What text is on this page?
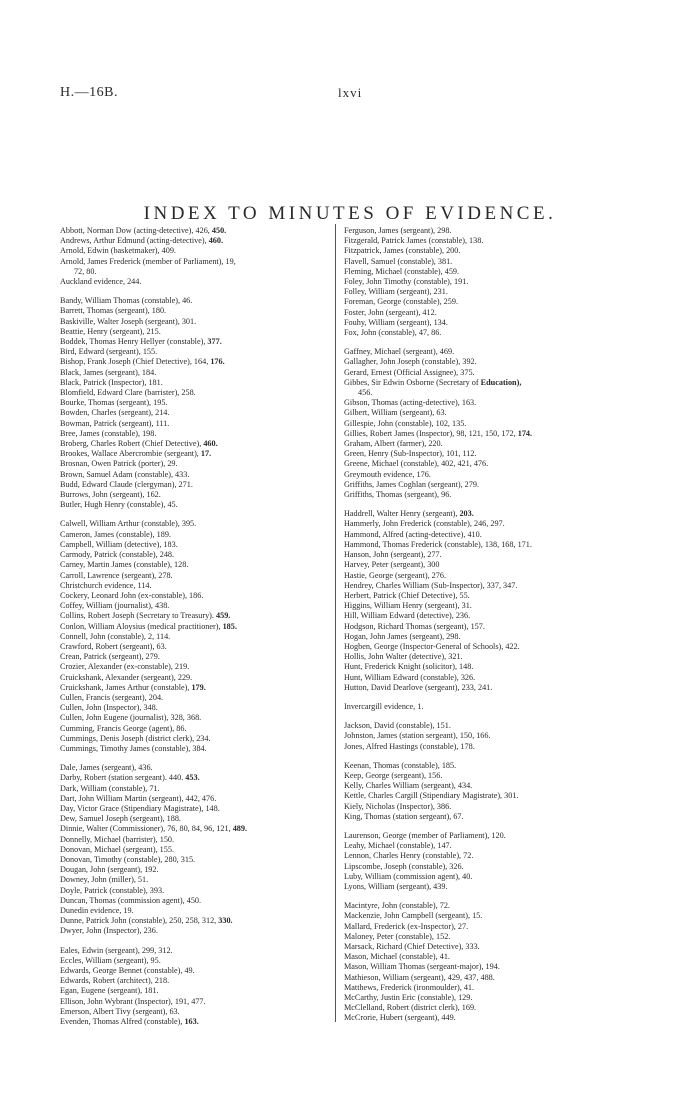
H.—16B.	lxvi
INDEX TO MINUTES OF EVIDENCE.
Abbott, Norman Dow (acting-detective), 426, 450.
Andrews, Arthur Edmund (acting-detective), 460.
Arnold, Edwin (basketmaker), 409.
Arnold, James Frederick (member of Parliament), 19,
72, 80.
Auckland evidence, 244.
Bandy, William Thomas (constable), 46.
Barrett, Thomas (sergeant), 180.
Baskiville, Walter Joseph (sergeant), 301.
Beattie, Henry (sergeant), 215.
Boddek, Thomas Henry Hellyer (constable), 377.
Bird, Edward (sergeant), 155.
Bishop, Frank Joseph (Chief Detective), 164, 176.
Black, James (sergeant), 184.
Black, Patrick (Inspector), 181.
Blomfield, Edward Clare (barrister), 258.
Bourke, Thomas (sergeant), 195.
Bowden, Charles (sergeant), 214.
Bowman, Patrick (sergeant), 111.
Bree, James (constable), 198.
Broberg, Charles Robert (Chief Detective), 460.
Brookes, Wallace Abercrombie (sergeant), 17.
Brosnan, Owen Patrick (porter), 29.
Brown, Samuel Adam (constable), 433.
Budd, Edward Claude (clergyman), 271.
Burrows, John (sergeant), 162.
Butler, Hugh Henry (constable), 45.
Calwell, William Arthur (constable), 395.
Cameron, James (constable), 189.
Campbell, William (detective), 183.
Carmody, Patrick (constable), 248.
Carney, Martin James (constable), 128.
Carroll, Lawrence (sergeant), 278.
Christchurch evidence, 114.
Cockery, Leonard John (ex-constable), 186.
Coffey, William (journalist), 438.
Collins, Robert Joseph (Secretary to Treasury). 459.
Conlon, William Aloysius (medical practitioner), 185.
Connell, John (constable), 2, 114.
Crawford, Robert (sergeant), 63.
Crean, Patrick (sergeant), 279.
Crozier, Alexander (ex-constable), 219.
Cruickshank, Alexander (sergeant), 229.
Cruickshank, James Arthur (constable), 179.
Cullen, Francis (sergeant), 204.
Cullen, John (Inspector), 348.
Cullen, John Eugene (journalist), 328, 368.
Cumming, Francis George (agent), 86.
Cummings, Denis Joseph (district clerk), 234.
Cummings, Timothy James (constable), 384.
Dale, James (sergeant), 436.
Darby, Robert (station sergeant). 440. 453.
Dark, William (constable), 71.
Dart, John William Martin (sergeant), 442, 476.
Day, Victor Grace (Stipendiary Magistrate), 148.
Dew, Samuel Joseph (sergeant), 188.
Dinnie, Walter (Commissioner), 76, 80, 84, 96, 121, 489.
Donnelly, Michael (barrister), 150.
Donovan, Michael (sergeant), 155.
Donovan, Timothy (constable), 280, 315.
Dougan, John (sergeant), 192.
Downey, John (miller), 51.
Doyle, Patrick (constable), 393.
Duncan, Thomas (commission agent), 450.
Dunedin evidence, 19.
Dunne, Patrick John (constable), 250, 258, 312, 330.
Dwyer, John (Inspector), 236.
Eales, Edwin (sergeant), 299, 312.
Eccles, William (sergeant), 95.
Edwards, George Bennet (constable), 49.
Edwards, Robert (architect), 218.
Egan, Eugene (sergeant), 181.
Ellison, John Wybrant (Inspector), 191, 477.
Emerson, Albert Tivy (sergeant), 63.
Evenden, Thomas Alfred (constable), 163.
Ferguson, James (sergeant), 298.
Fitzgerald, Patrick James (constable), 138.
Fitzpatrick, James (constable), 200.
Flavell, Samuel (constable), 381.
Fleming, Michael (constable), 459.
Foley, John Timothy (constable), 191.
Folley, William (sergeant), 231.
Foreman, George (constable), 259.
Foster, John (sergeant), 412.
Fouhy, William (sergeant), 134.
Fox, John (constable), 47, 86.
Gaffney, Michael (sergeant), 469.
Gallagher, John Joseph (constable), 392.
Gerard, Ernest (Official Assignee), 375.
Gibbes, Sir Edwin Osborne (Secretary of Education),
456.
Gibson, Thomas (acting-detective), 163.
Gilbert, William (sergeant), 63.
Gillespie, John (constable), 102, 135.
Gillies, Robert James (Inspector), 98, 121, 150, 172, 174.
Graham, Albert (farmer), 220.
Green, Henry (Sub-Inspector), 101, 112.
Greene, Michael (constable), 402, 421, 476.
Greymouth evidence, 176.
Griffiths, James Coghlan (sergeant), 279.
Griffiths, Thomas (sergeant), 96.
Haddrell, Walter Henry (sergeant), 203.
Hammerly, John Frederick (constable), 246, 297.
Hammond, Alfred (acting-detective), 410.
Hammond, Thomas Frederick (constable), 138, 168, 171.
Hanson, John (sergeant), 277.
Harvey, Peter (sergeant), 300
Hastie, George (sergeant), 276.
Hendrey, Charles William (Sub-Inspector), 337, 347.
Herbert, Patrick (Chief Detective), 55.
Higgins, William Henry (sergeant), 31.
Hill, William Edward (detective), 236.
Hodgson, Richard Thomas (sergeant), 157.
Hogan, John James (sergeant), 298.
Hogben, George (Inspector-General of Schools), 422.
Hollis, John Walter (detective), 321.
Hunt, Frederick Knight (solicitor), 148.
Hunt, William Edward (constable), 326.
Hutton, David Dearlove (sergeant), 233, 241.
Invercargill evidence, 1.
Jackson, David (constable), 151.
Johnston, James (station sergeant), 150, 166.
Jones, Alfred Hastings (constable), 178.
Keenan, Thomas (constable), 185.
Keep, George (sergeant), 156.
Kelly, Charles William (sergeant), 434.
Kettle, Charles Cargill (Stipendiary Magistrate), 301.
Kiely, Nicholas (Inspector), 386.
King, Thomas (station sergeant), 67.
Laurenson, George (member of Parliament), 120.
Leahy, Michael (constable), 147.
Lennon, Charles Henry (constable), 72.
Lipscombe, Joseph (constable), 326.
Luby, William (commission agent), 40.
Lyons, William (sergeant), 439.
Macintyre, John (constable), 72.
Mackenzie, John Campbell (sergeant), 15.
Mallard, Frederick (ex-Inspector), 27.
Maloney, Peter (constable), 152.
Marsack, Richard (Chief Detective), 333.
Mason, Michael (constable), 41.
Mason, William Thomas (sergeant-major), 194.
Mathieson, William (sergeant), 429, 437, 488.
Matthews, Frederick (ironmoulder), 41.
McCarthy, Justin Eric (constable), 129.
McClelland, Robert (district clerk), 169.
McCrorie, Hubert (sergeant), 449.
